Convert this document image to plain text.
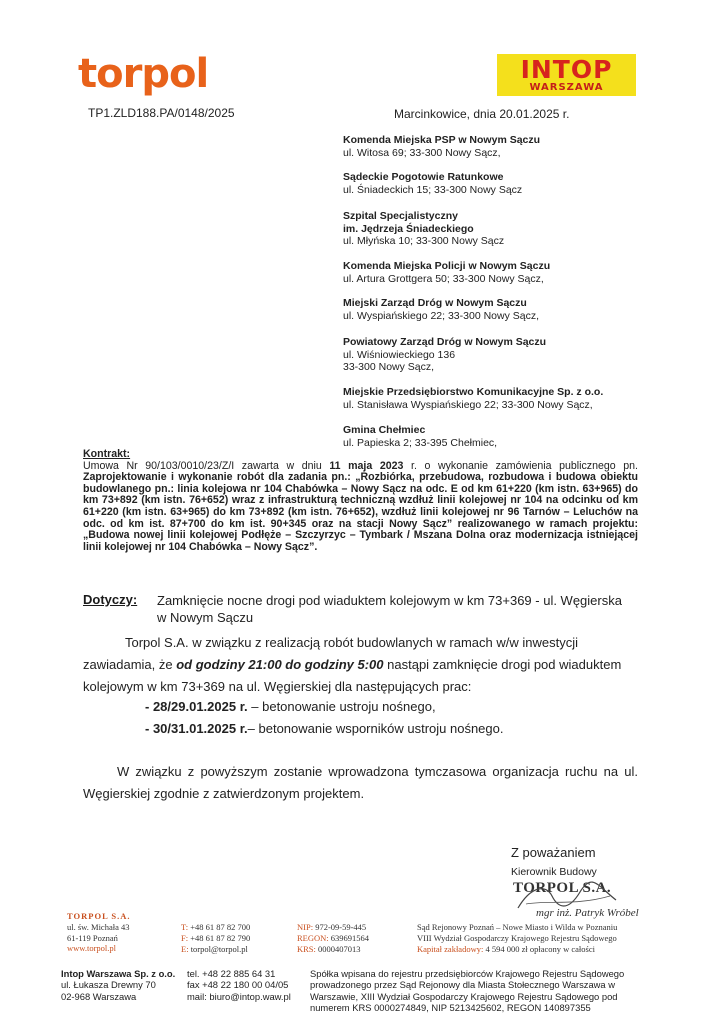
torpol	INTOP
WARSZAWA
TP1.ZLD188.PA/0148/2025	Marcinkowice, dnia 20.01.2025 r.
Komenda Miejska PSP w Nowym Sączu
ul. Witosa 69; 33-300 Nowy Sącz,
Sądeckie Pogotowie Ratunkowe
ul. Śniadeckich 15; 33-300 Nowy Sącz
Szpital Specjalistyczny
im. Jędrzeja Śniadeckiego
ul. Młyńska 10; 33-300 Nowy Sącz
Komenda Miejska Policji w Nowym Sączu
ul. Artura Grottgera 50; 33-300 Nowy Sącz,
Miejski Zarząd Dróg w Nowym Sączu
ul. Wyspiańskiego 22; 33-300 Nowy Sącz,
Powiatowy Zarząd Dróg w Nowym Sączu
ul. Wiśniowieckiego 136
33-300 Nowy Sącz,
Miejskie Przedsiębiorstwo Komunikacyjne Sp. z o.o.
ul. Stanisława Wyspiańskiego 22; 33-300 Nowy Sącz,
Gmina Chełmiec
ul. Papieska 2; 33-395 Chełmiec,
Kontrakt:
Umowa Nr 90/103/0010/23/Z/I zawarta w dniu 11 maja 2023 r. o wykonanie zamówienia publicznego pn. Zaprojektowanie i wykonanie robót dla zadania pn.: „Rozbiórka, przebudowa, rozbudowa i budowa obiektu budowlanego pn.: linia kolejowa nr 104 Chabówka – Nowy Sącz na odc. E od km 61+220 (km istn. 63+965) do km 73+892 (km istn. 76+652) wraz z infrastrukturą techniczną wzdłuż linii kolejowej nr 104 na odcinku od km 61+220 (km istn. 63+965) do km 73+892 (km istn. 76+652), wzdłuż linii kolejowej nr 96 Tarnów – Leluchów na odc. od km ist. 87+700 do km ist. 90+345 oraz na stacji Nowy Sącz” realizowanego w ramach projektu: „Budowa nowej linii kolejowej Podłęże – Szczyrzyc – Tymbark / Mszana Dolna oraz modernizacja istniejącej linii kolejowej nr 104 Chabówka – Nowy Sącz”.
Dotyczy: Zamknięcie nocne drogi pod wiaduktem kolejowym w km 73+369 - ul. Węgierska w Nowym Sączu
Torpol S.A. w związku z realizacją robót budowlanych w ramach w/w inwestycji zawiadamia, że od godziny 21:00 do godziny 5:00 nastąpi zamknięcie drogi pod wiaduktem kolejowym w km 73+369 na ul. Węgierskiej dla następujących prac:
- 28/29.01.2025 r. – betonowanie ustroju nośnego,
- 30/31.01.2025 r.– betonowanie wsporników ustroju nośnego.
W związku z powyższym zostanie wprowadzona tymczasowa organizacja ruchu na ul. Węgierskiej zgodnie z zatwierdzonym projektem.
Z poważaniem
Kierownik Budowy
TORPOL S.A.
mgr inż. Patryk Wróbel
TORPOL S.A.
ul. św. Michała 43
61-119 Poznań
www.torpol.pl
T: +48 61 87 82 700
F: +48 61 87 82 790
E: torpol@torpol.pl
NIP: 972-09-59-445
REGON: 639691564
KRS: 0000407013
Sąd Rejonowy Poznań – Nowe Miasto i Wilda w Poznaniu
VIII Wydział Gospodarczy Krajowego Rejestru Sądowego
Kapitał zakładowy: 4 594 000 zł opłacony w całości
Intop Warszawa Sp. z o.o.
ul. Łukasza Drewny 70
02-968 Warszawa
tel. +48 22 885 64 31
fax +48 22 180 00 04/05
mail: biuro@intop.waw.pl
Spółka wpisana do rejestru przedsiębiorców Krajowego Rejestru Sądowego
prowadzonego przez Sąd Rejonowy dla Miasta Stołecznego Warszawa w
Warszawie, XIII Wydział Gospodarczy Krajowego Rejestru Sądowego pod
numerem KRS 0000274849, NIP 5213425602, REGON 140897355
